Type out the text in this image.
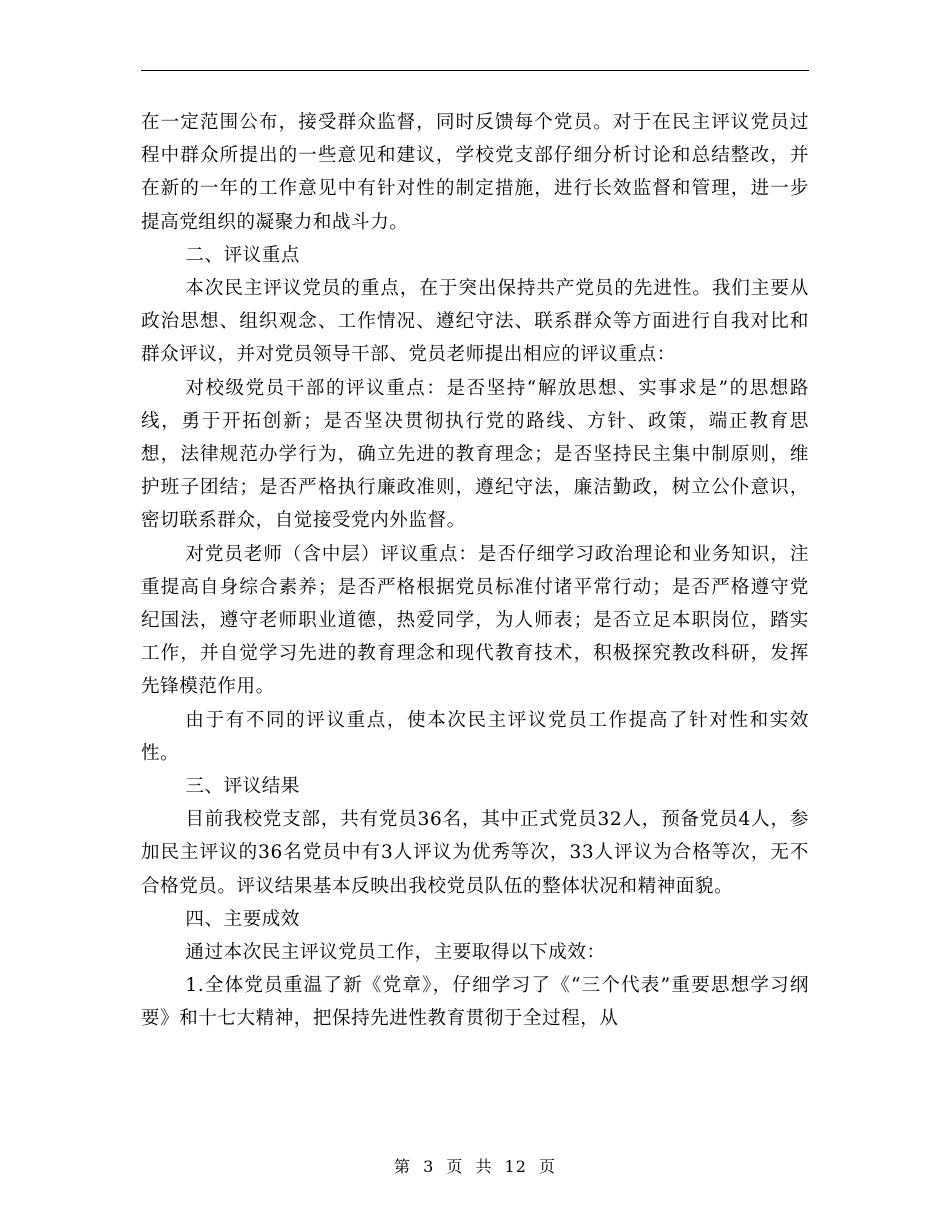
在一定范围公布，接受群众监督，同时反馈每个党员。对于在民主评议党员过程中群众所提出的一些意见和建议，学校党支部仔细分析讨论和总结整改，并在新的一年的工作意见中有针对性的制定措施，进行长效监督和管理，进一步提高党组织的凝聚力和战斗力。

二、评议重点

本次民主评议党员的重点，在于突出保持共产党员的先进性。我们主要从政治思想、组织观念、工作情况、遵纪守法、联系群众等方面进行自我对比和群众评议，并对党员领导干部、党员老师提出相应的评议重点：

对校级党员干部的评议重点：是否坚持“解放思想、实事求是”的思想路线，勇于开拓创新；是否坚决贯彻执行党的路线、方针、政策，端正教育思想，法律规范办学行为，确立先进的教育理念；是否坚持民主集中制原则，维护班子团结；是否严格执行廉政准则，遵纪守法，廉洁勤政，树立公仆意识，密切联系群众，自觉接受党内外监督。

对党员老师（含中层）评议重点：是否仔细学习政治理论和业务知识，注重提高自身综合素养；是否严格根据党员标准付诸平常行动；是否严格遵守党纪国法，遵守老师职业道德，热爱同学，为人师表；是否立足本职岗位，踏实工作，并自觉学习先进的教育理念和现代教育技术，积极探究教改科研，发挥先锋模范作用。

由于有不同的评议重点，使本次民主评议党员工作提高了针对性和实效性。

三、评议结果

目前我校党支部，共有党员36名，其中正式党员32人，预备党员4人，参加民主评议的36名党员中有3人评议为优秀等次，33人评议为合格等次，无不合格党员。评议结果基本反映出我校党员队伍的整体状况和精神面貌。

四、主要成效

通过本次民主评议党员工作，主要取得以下成效：

1.全体党员重温了新《党章》，仔细学习了《“三个代表”重要思想学习纲要》和十七大精神，把保持先进性教育贯彻于全过程，从

第 3 页 共 12 页
